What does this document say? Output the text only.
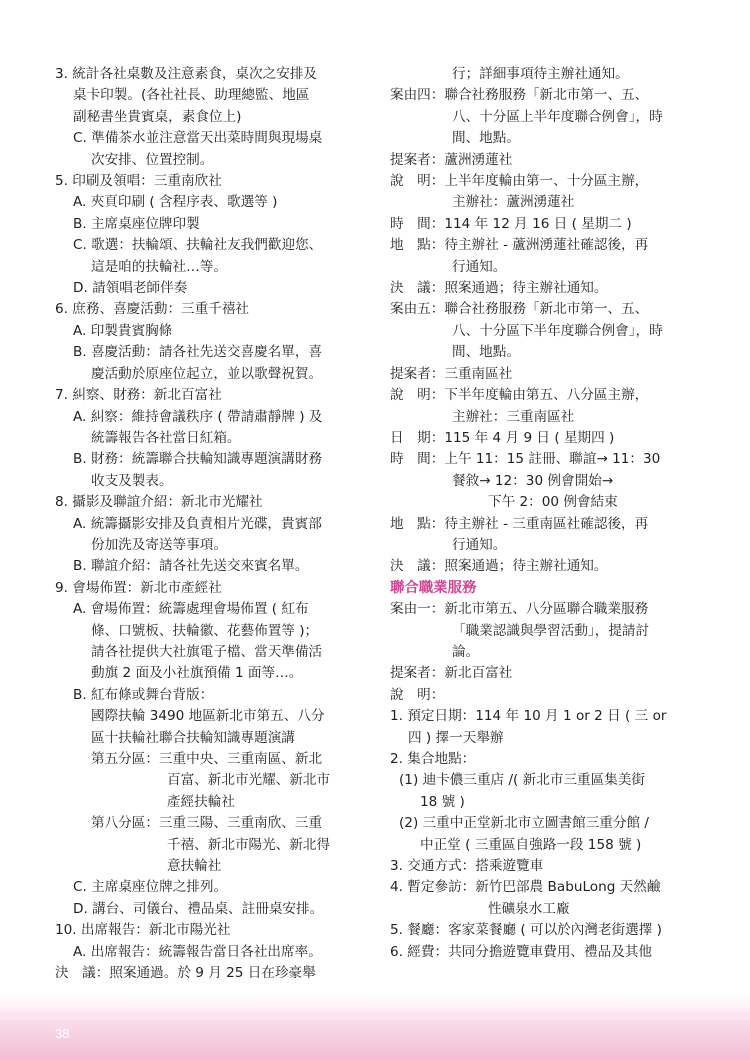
3. 統計各社桌數及注意素食，桌次之安排及
桌卡印製。(各社社長、助理總監、地區
副秘書坐貴賓桌，素食位上)
C. 準備茶水並注意當天出菜時間與現場桌
次安排、位置控制。
5. 印刷及領唱：三重南欣社
A. 夾頁印刷 ( 含程序表、歌選等 )
B. 主席桌座位牌印製
C. 歌選：扶輪頌、扶輪社友我們歡迎您、
這是咱的扶輪社…等。
D. 請領唱老師伴奏
6. 庶務、喜慶活動：三重千禧社
A. 印製貴賓胸條
B. 喜慶活動：請各社先送交喜慶名單，喜
慶活動於原座位起立，並以歌聲祝賀。
7. 糾察、財務：新北百富社
A. 糾察：維持會議秩序 ( 帶請肅靜牌 ) 及
統籌報告各社當日紅箱。
B. 財務：統籌聯合扶輪知識專題演講財務
收支及製表。
8. 攝影及聯誼介紹：新北市光耀社
A. 統籌攝影安排及負責相片光碟，貴賓部
份加洗及寄送等事項。
B. 聯誼介紹：請各社先送交來賓名單。
9. 會場佈置：新北市產經社
A. 會場佈置：統籌處理會場佈置 ( 紅布
條、口號板、扶輪徽、花藝佈置等 )；
請各社提供大社旗電子檔、當天準備活
動旗 2 面及小社旗預備 1 面等…。
B. 紅布條或舞台背版：
國際扶輪 3490 地區新北市第五、八分
區十扶輪社聯合扶輪知識專題演講
第五分區：三重中央、三重南區、新北
百富、新北市光耀、新北市
產經扶輪社
第八分區：三重三陽、三重南欣、三重
千禧、新北市陽光、新北得
意扶輪社
C. 主席桌座位牌之排列。
D. 講台、司儀台、禮品桌、註冊桌安排。
10. 出席報告：新北市陽光社
A. 出席報告：統籌報告當日各社出席率。
決　議：照案通過。於 9 月 25 日在珍豪舉
行；詳細事項待主辦社通知。
案由四：聯合社務服務「新北市第一、五、
八、十分區上半年度聯合例會」，時
間、地點。
提案者：蘆洲湧蓮社
說　明：上半年度輪由第一、十分區主辦，
主辦社：蘆洲湧蓮社
時　間：114 年 12 月 16 日 ( 星期二 )
地　點：待主辦社 - 蘆洲湧蓮社確認後，再
行通知。
決　議：照案通過；待主辦社通知。
案由五：聯合社務服務「新北市第一、五、
八、十分區下半年度聯合例會」，時
間、地點。
提案者：三重南區社
說　明：下半年度輪由第五、八分區主辦，
主辦社：三重南區社
日　期：115 年 4 月 9 日 ( 星期四 )
時　間：上午 11：15 註冊、聯誼→ 11：30
餐敘→ 12：30 例會開始→
下午 2：00 例會結束
地　點：待主辦社 - 三重南區社確認後，再
行通知。
決　議：照案通過；待主辦社通知。
聯合職業服務
案由一：新北市第五、八分區聯合職業服務
「職業認識與學習活動」，提請討
論。
提案者：新北百富社
說　明：
1. 預定日期：114 年 10 月 1 or 2 日 ( 三 or
四 ) 擇一天舉辦
2. 集合地點：
(1) 迪卡儂三重店 /( 新北市三重區集美街
18 號 )
(2) 三重中正堂新北市立圖書館三重分館 /
中正堂 ( 三重區自強路一段 158 號 )
3. 交通方式：搭乘遊覽車
4. 暫定參訪：新竹巴部農 BabuLong 天然鹼
性礦泉水工廠
5. 餐廳：客家菜餐廳 ( 可以於內灣老街選擇 )
6. 經費：共同分擔遊覽車費用、禮品及其他
38
